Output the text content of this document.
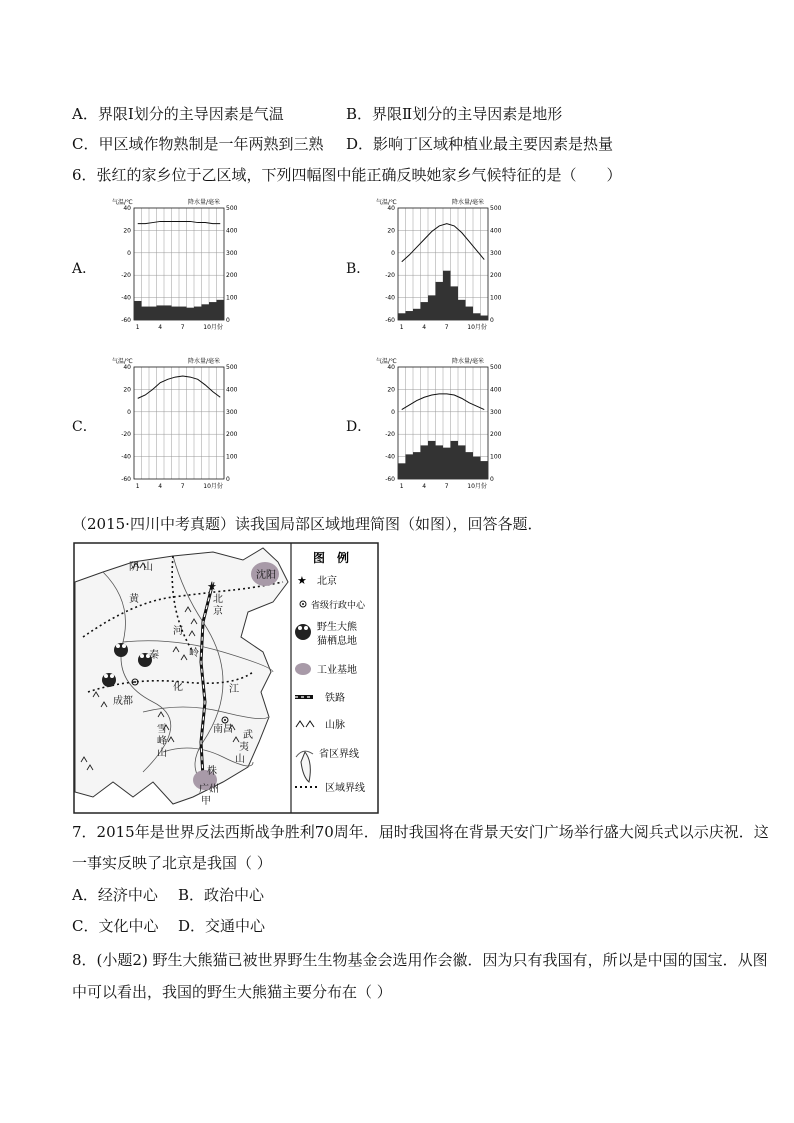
A．界限Ⅰ划分的主导因素是气温	B．界限Ⅱ划分的主导因素是地形
C．甲区域作物熟制是一年两熟到三熟 D．影响丁区域种植业最主要因素是热量
6．张红的家乡位于乙区域，下列四幅图中能正确反映她家乡气候特征的是（　　）
A．	B．
C．	D．
气温/℃	降水量/毫米
40	500
20	400
0	300
-20	200
-40	100
-60	0
1	4	7	10月份
气温/℃	降水量/毫米
40	500
20	400
0	300
-20	200
-40	100
-60	0
1	4	7	10月份
气温/℃	降水量/毫米
40	500
20	400
0	300
-20	200
-40	100
-60	0
1	4	7	10月份
气温/℃	降水量/毫米
40	500
20	400
0	300
-20	200
-40	100
-60	0
1	4	7	10月份
（2015·四川中考真题）读我国局部区域地理简图（如图），回答各题．
★
阴 山
沈阳
黄	北
京
河
秦	岭
成都
江
南昌
武
夷
山
雪
峰
山
广州
甲
化
株
图　例
★ 北京
省级行政中心
野生大熊
猫栖息地
工业基地
铁路
山脉
省区界线
区域界线
7．2015年是世界反法西斯战争胜利70周年．届时我国将在背景天安门广场举行盛大阅兵式以示庆祝．这
一事实反映了北京是我国（ ）
A．经济中心 B．政治中心
C．文化中心 D．交通中心
8．(小题2) 野生大熊猫已被世界野生生物基金会选用作会徽．因为只有我国有，所以是中国的国宝．从图
中可以看出，我国的野生大熊猫主要分布在（ ）
